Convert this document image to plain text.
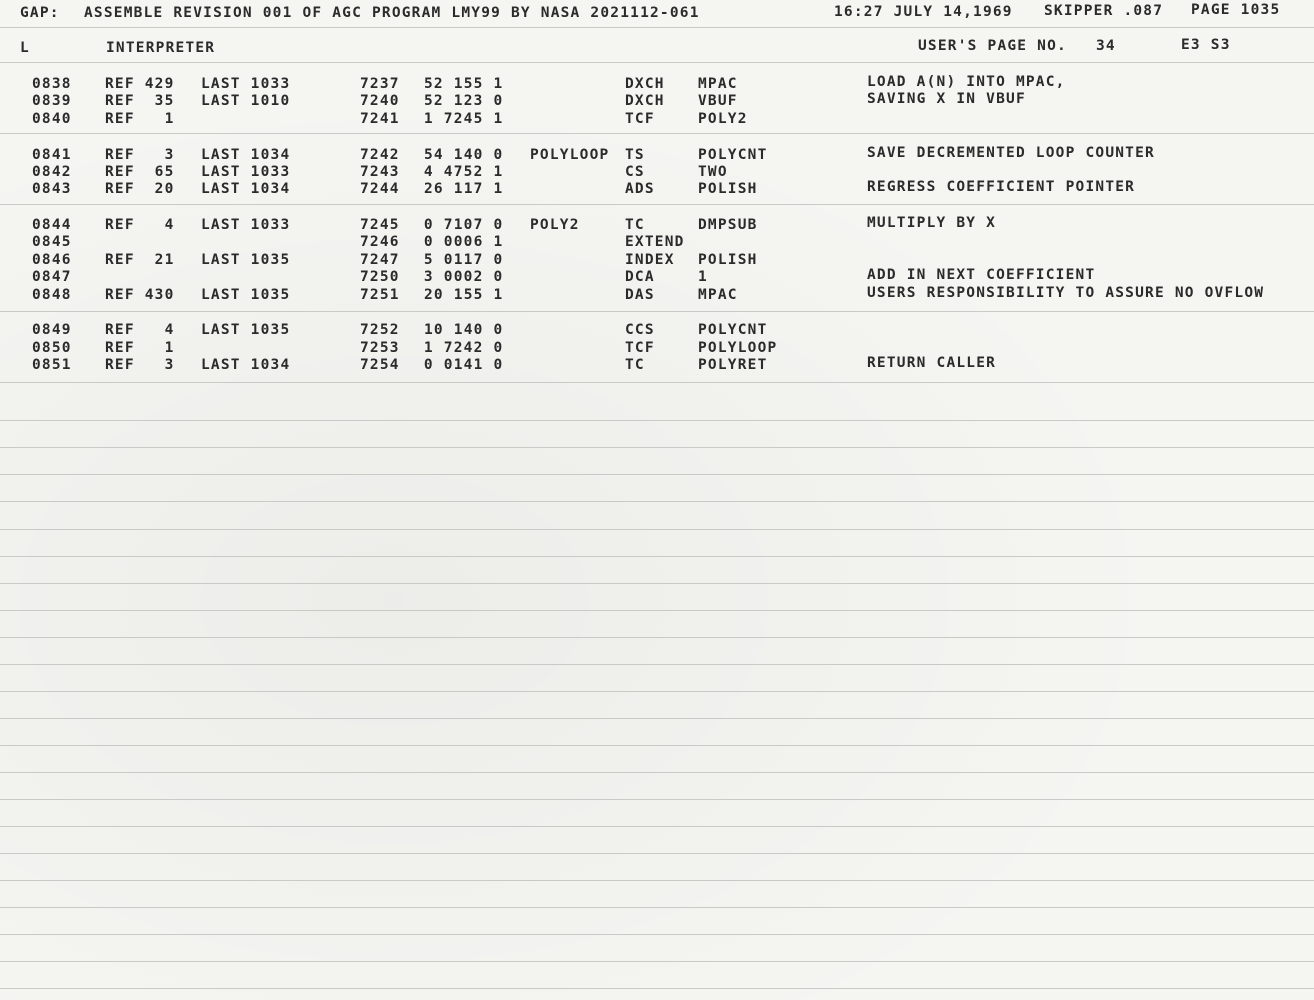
GAP: ASSEMBLE REVISION 001 OF AGC PROGRAM LMY99 BY NASA 2021112-061	16:27 JULY 14,1969 SKIPPER .087 PAGE 1035
L	INTERPRETER	USER'S PAGE NO. 34	E3 S3
0838 REF 429 LAST 1033	7237 52 155 1	DXCH MPAC	LOAD A(N) INTO MPAC,
0839 REF  35 LAST 1010	7240 52 123 0	DXCH VBUF	SAVING X IN VBUF
0840 REF   1	7241 1 7245 1	TCF	POLY2
0841 REF   3 LAST 1034	7242 54 140 0 POLYLOOP TS	POLYCNT	SAVE DECREMENTED LOOP COUNTER
0842 REF  65 LAST 1033	7243 4 4752 1	CS	TWO
0843 REF  20 LAST 1034	7244 26 117 1	ADS	POLISH	REGRESS COEFFICIENT POINTER
0844 REF   4 LAST 1033	7245 0 7107 0 POLY2	TC	DMPSUB	MULTIPLY BY X
0845	7246 0 0006 1	EXTEND
0846 REF  21 LAST 1035	7247 5 0117 0	INDEX POLISH
0847	7250 3 0002 0	DCA	1	ADD IN NEXT COEFFICIENT
0848 REF 430 LAST 1035	7251 20 155 1	DAS	MPAC	USERS RESPONSIBILITY TO ASSURE NO OVFLOW
0849 REF   4 LAST 1035	7252 10 140 0	CCS	POLYCNT
0850 REF   1	7253 1 7242 0	TCF	POLYLOOP
0851 REF   3 LAST 1034	7254 0 0141 0	TC	POLYRET	RETURN CALLER
